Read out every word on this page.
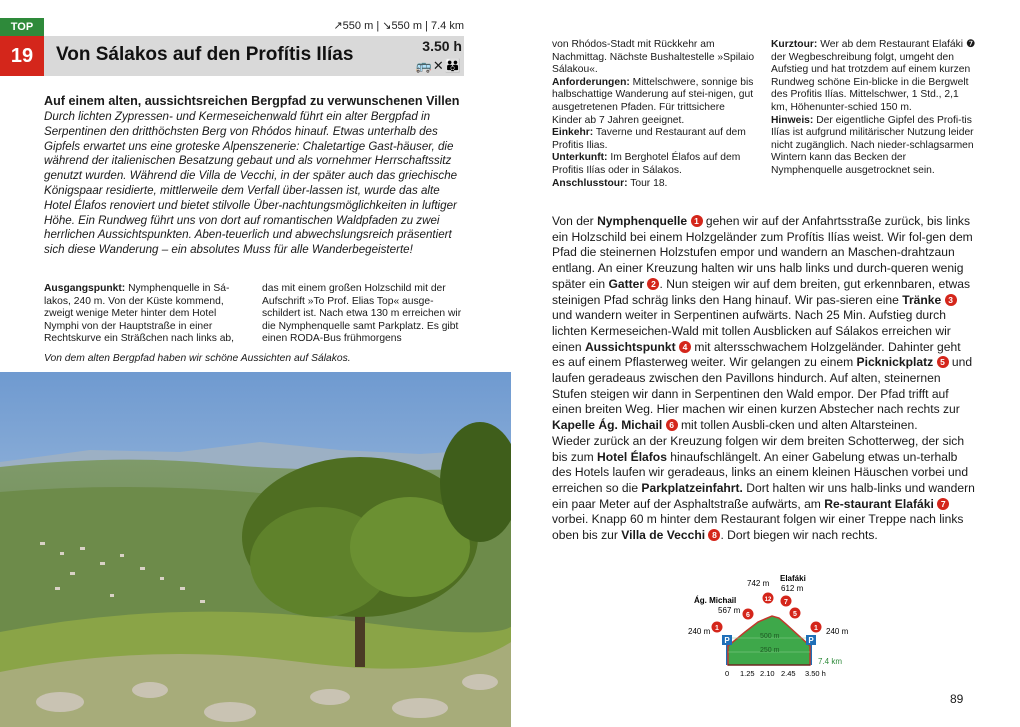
TOP
19	Von Sálakos auf den Profítis Ilías
↗550 m | ↘550 m | 7.4 km
3.50 h
🚌✕👪
Auf einem alten, aussichtsreichen Bergpfad zu verwunschenen Villen

Durch lichten Zypressen- und Kermeseichenwald führt ein alter Bergpfad in Serpentinen den dritthöchsten Berg von Rhódos hinauf. Etwas unterhalb des Gipfels erwartet uns eine groteske Alpenszenerie: Chaletartige Gast-häuser, die während der italienischen Besatzung gebaut und als vornehmer Herrschaftssitz genutzt wurden. Während die Villa de Vecchi, in der später auch das griechische Königspaar residierte, mittlerweile dem Verfall über-lassen ist, wurde das alte Hotel Élafos renoviert und bietet stilvolle Über-nachtungsmöglichkeiten in luftiger Höhe. Ein Rundweg führt uns von dort auf romantischen Waldpfaden zu zwei herrlichen Aussichtspunkten. Aben-teuerlich und abwechslungsreich präsentiert sich diese Wanderung – ein absolutes Muss für alle Wanderbegeisterte!

Ausgangspunkt: Nymphenquelle in Sá-lakos, 240 m. Von der Küste kommend, zweigt wenige Meter hinter dem Hotel Nymphi von der Hauptstraße in einer Rechtskurve ein Sträßchen nach links ab,
das mit einem großen Holzschild mit der Aufschrift »To Prof. Elias Top« ausge-schildert ist. Nach etwa 130 m erreichen wir die Nymphenquelle samt Parkplatz. Es gibt einen RODA-Bus frühmorgens
Von dem alten Bergpfad haben wir schöne Aussichten auf Sálakos.
von Rhódos-Stadt mit Rückkehr am Nachmittag. Nächste Bushaltestelle »Spilaio Sálakou«.
Anforderungen: Mittelschwere, sonnige bis halbschattige Wanderung auf stei-nigen, gut ausgetretenen Pfaden. Für trittsichere Kinder ab 7 Jahren geeignet.
Einkehr: Taverne und Restaurant auf dem Profitis Ilias.
Unterkunft: Im Berghotel Élafos auf dem Profitis Ilías oder in Sálakos.
Anschlusstour: Tour 18.
Kurztour: Wer ab dem Restaurant Elafáki ❼ der Wegbeschreibung folgt, umgeht den Aufstieg und hat trotzdem auf einem kurzen Rundweg schöne Ein-blicke in die Bergwelt des Profitis Ilías. Mittelschwer, 1 Std., 2,1 km, Höhenunter-schied 150 m.
Hinweis: Der eigentliche Gipfel des Profi-tis Ilías ist aufgrund militärischer Nutzung leider nicht zugänglich. Nach nieder-schlagsarmen Wintern kann das Becken der Nymphenquelle ausgetrocknet sein.

Von der Nymphenquelle 1 gehen wir auf der Anfahrtsstraße zurück, bis links ein Holzschild bei einem Holzgeländer zum Profítis Ilías weist. Wir fol-gen dem Pfad die steinernen Holzstufen empor und wandern an Maschen-drahtzaun entlang. An einer Kreuzung halten wir uns halb links und durch-queren wenig später ein Gatter 2 . Nun steigen wir auf dem breiten, gut erkennbaren, etwas steinigen Pfad schräg links den Hang hinauf. Wir pas-sieren eine Tränke 3 und wandern weiter in Serpentinen aufwärts. Nach 25 Min. Aufstieg durch lichten Kermeseichen-Wald mit tollen Ausblicken auf Sálakos erreichen wir einen Aussichtspunkt 4 mit altersschwachem Holzgeländer. Dahinter geht es auf einem Pflasterweg weiter. Wir gelangen zu einem Picknickplatz 5 und laufen geradeaus zwischen den Pavillons hindurch. Auf alten, steinernen Stufen steigen wir dann in Serpentinen den Wald empor. Der Pfad trifft auf einen breiten Weg. Hier machen wir einen kurzen Abstecher nach rechts zur Kapelle Ág. Michail 6 mit tollen Ausbli-cken und alten Altarsteinen.

Wieder zurück an der Kreuzung folgen wir dem breiten Schotterweg, der sich bis zum Hotel Élafos hinaufschlängelt. An einer Gabelung etwas un-terhalb des Hotels laufen wir geradeaus, links an einem kleinen Häuschen vorbei und erreichen so die Parkplatzeinfahrt. Dort halten wir uns halb-links und wandern ein paar Meter auf der Asphaltstraße aufwärts, am Re-staurant Elafáki 7 vorbei. Knapp 60 m hinter dem Restaurant folgen wir einer Treppe nach links oben bis zur Villa de Vecchi 8 . Dort biegen wir nach rechts.

500 m
250 m
240 m	240 m
Ág. Michail
567 m
742 m
Elafáki
612 m
7.4 km
0 1.25 2.10 2.45 3.50 h
1
6
12 7
5
1
P	P
89
